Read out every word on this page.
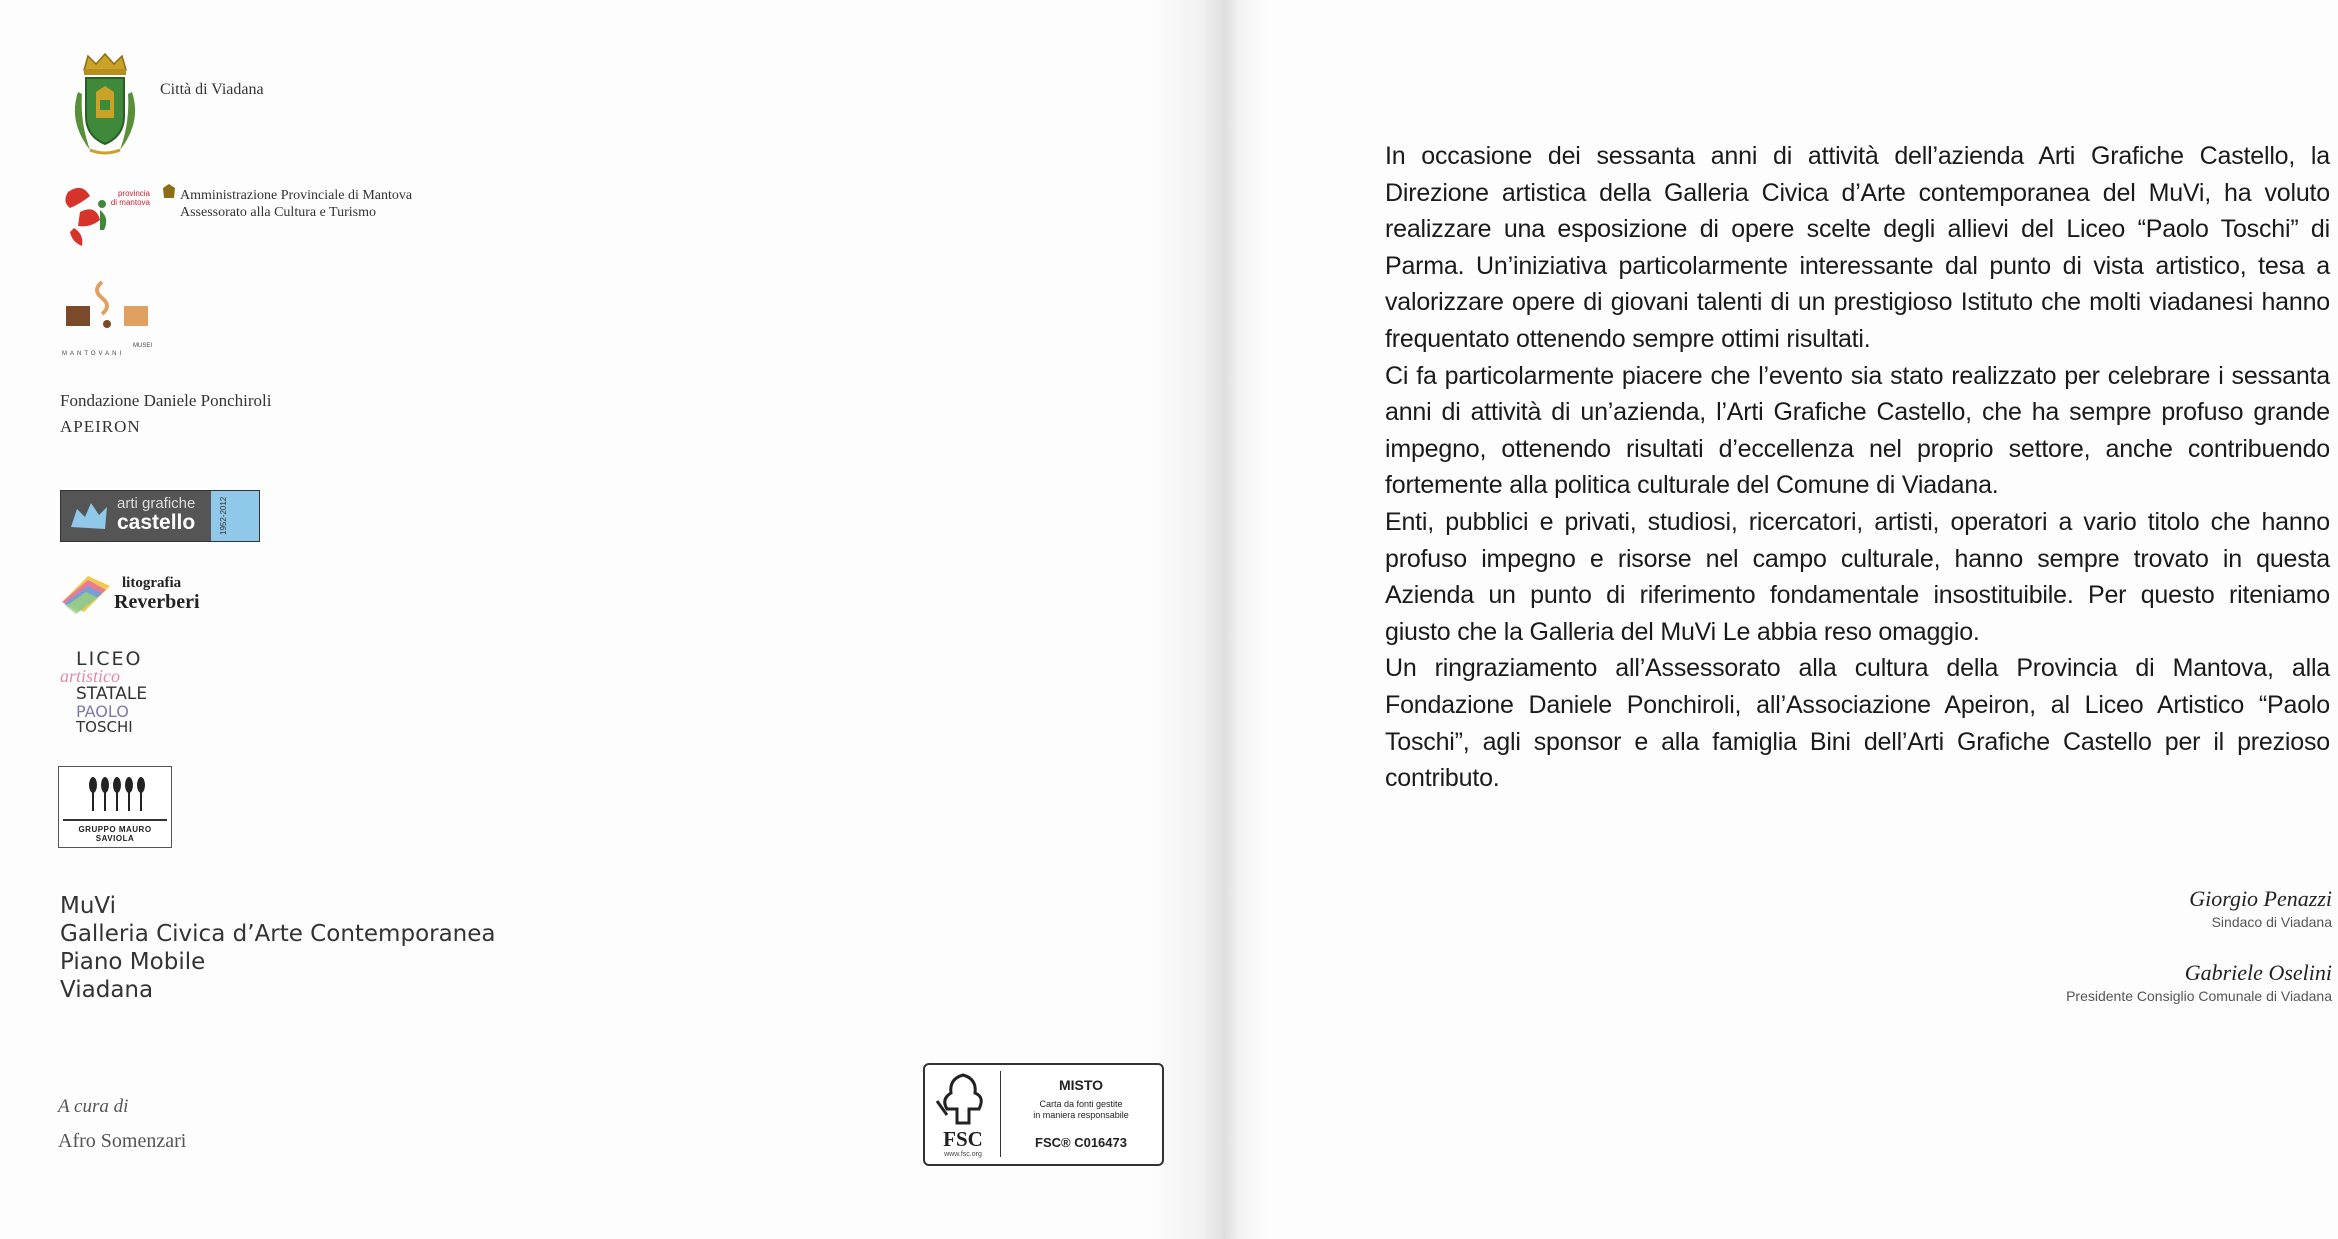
Città di Viadana
provincia
di mantova Amministrazione Provinciale di Mantova
Assessorato alla Cultura e Turismo
MUSEI
MANTOVANI
Fondazione Daniele Ponchiroli
APEIRON
arti grafiche
castello	1952-2012
litografia
Reverberi
LICEO
artistico
STATALE
PAOLO
TOSCHI
GRUPPO MAURO SAVIOLA
MuVi
Galleria Civica d’Arte Contemporanea
Piano Mobile
Viadana
A cura di
Afro Somenzari	FSC
www.fsc.org
MISTO
Carta da fonti gestite
in maniera responsabile
FSC® C016473

In occasione dei sessanta anni di attività dell’azienda Arti Grafiche Castello, la Direzione artistica della Galleria Civica d’Arte contemporanea del MuVi, ha voluto realizzare una esposizione di opere scelte degli allievi del Liceo “Paolo Toschi” di Parma. Un’iniziativa particolarmente interessante dal punto di vista artistico, tesa a valorizzare opere di giovani talenti di un prestigioso Istituto che molti viadanesi hanno frequentato ottenendo sempre ottimi risultati.

Ci fa particolarmente piacere che l’evento sia stato realizzato per celebrare i sessanta anni di attività di un’azienda, l’Arti Grafiche Castello, che ha sempre profuso grande impegno, ottenendo risultati d’eccellenza nel proprio settore, anche contribuendo fortemente alla politica culturale del Comune di Viadana.

Enti, pubblici e privati, studiosi, ricercatori, artisti, operatori a vario titolo che hanno profuso impegno e risorse nel campo culturale, hanno sempre trovato in questa Azienda un punto di riferimento fondamentale insostituibile. Per questo riteniamo giusto che la Galleria del MuVi Le abbia reso omaggio.

Un ringraziamento all’Assessorato alla cultura della Provincia di Mantova, alla Fondazione Daniele Ponchiroli, all’Associazione Apeiron, al Liceo Artistico “Paolo Toschi”, agli sponsor e alla famiglia Bini dell’Arti Grafiche Castello per il prezioso contributo.

Giorgio Penazzi
Sindaco di Viadana
Gabriele Oselini
Presidente Consiglio Comunale di Viadana
